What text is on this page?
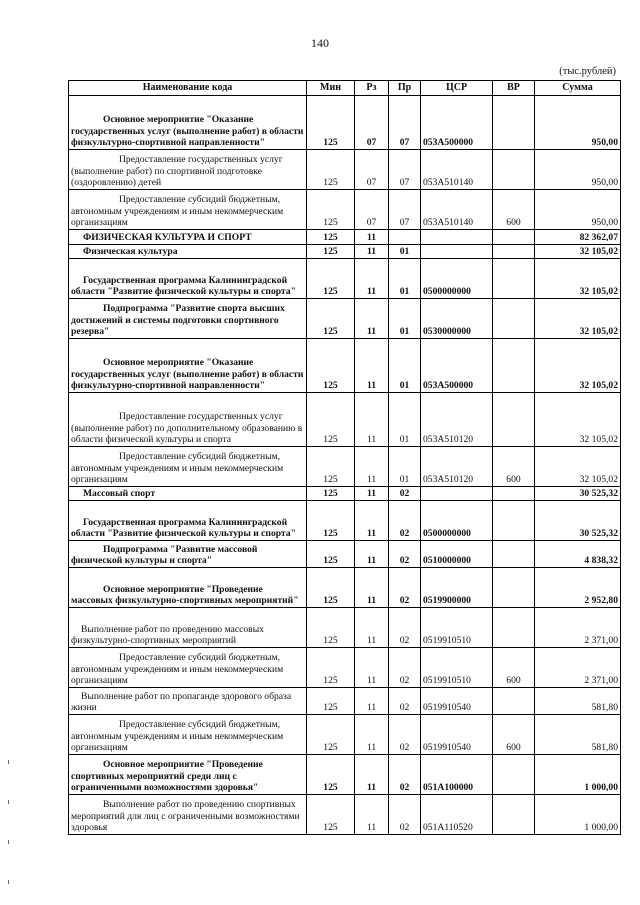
140
(тыс.рублей)
Наименование кода	Мин	Рз	Пр	ЦСР	ВР	Сумма
Основное мероприятие "Оказание государственных услуг (выполнение работ) в области физкультурно-спортивной направленности"	125	07	07	053А500000		950,00
Предоставление государственных услуг (выполнение работ) по спортивной подготовке (оздоровлению) детей	125	07	07	053А510140		950,00
Предоставление субсидий бюджетным, автономным учреждениям и иным некоммерческим организациям	125	07	07	053А510140	600	950,00
ФИЗИЧЕСКАЯ КУЛЬТУРА И СПОРТ	125	11				82 362,07
Физическая культура	125	11	01			32 105,02
Государственная программа Калининградской области "Развитие физической культуры и спорта"	125	11	01	0500000000		32 105,02
Подпрограмма "Развитие спорта высших достижений и системы подготовки спортивного резерва"	125	11	01	0530000000		32 105,02
Основное мероприятие "Оказание государственных услуг (выполнение работ) в области физкультурно-спортивной направленности"	125	11	01	053А500000		32 105,02
Предоставление государственных услуг (выполнение работ) по дополнительному образованию в области физической культуры и спорта	125	11	01	053А510120		32 105,02
Предоставление субсидий бюджетным, автономным учреждениям и иным некоммерческим организациям	125	11	01	053А510120	600	32 105,02
Массовый спорт	125	11	02			30 525,32
Государственная программа Калининградской области "Развитие физической культуры и спорта"	125	11	02	0500000000		30 525,32
Подпрограмма "Развитие массовой физической культуры и спорта"	125	11	02	0510000000		4 838,32
Основное мероприятие "Проведение массовых физкультурно-спортивных мероприятий"	125	11	02	0519900000		2 952,80
Выполнение работ по проведению массовых физкультурно-спортивных мероприятий	125	11	02	0519910510		2 371,00
Предоставление субсидий бюджетным, автономным учреждениям и иным некоммерческим организациям	125	11	02	0519910510	600	2 371,00
Выполнение работ по пропаганде здорового образа жизни	125	11	02	0519910540		581,80
Предоставление субсидий бюджетным, автономным учреждениям и иным некоммерческим организациям	125	11	02	0519910540	600	581,80
Основное мероприятие "Проведение спортивных мероприятий среди лиц с ограниченными возможностями здоровья"	125	11	02	051А100000		1 000,00
Выполнение работ по проведению спортивных мероприятий для лиц с ограниченными возможностями здоровья	125	11	02	051А110520		1 000,00
